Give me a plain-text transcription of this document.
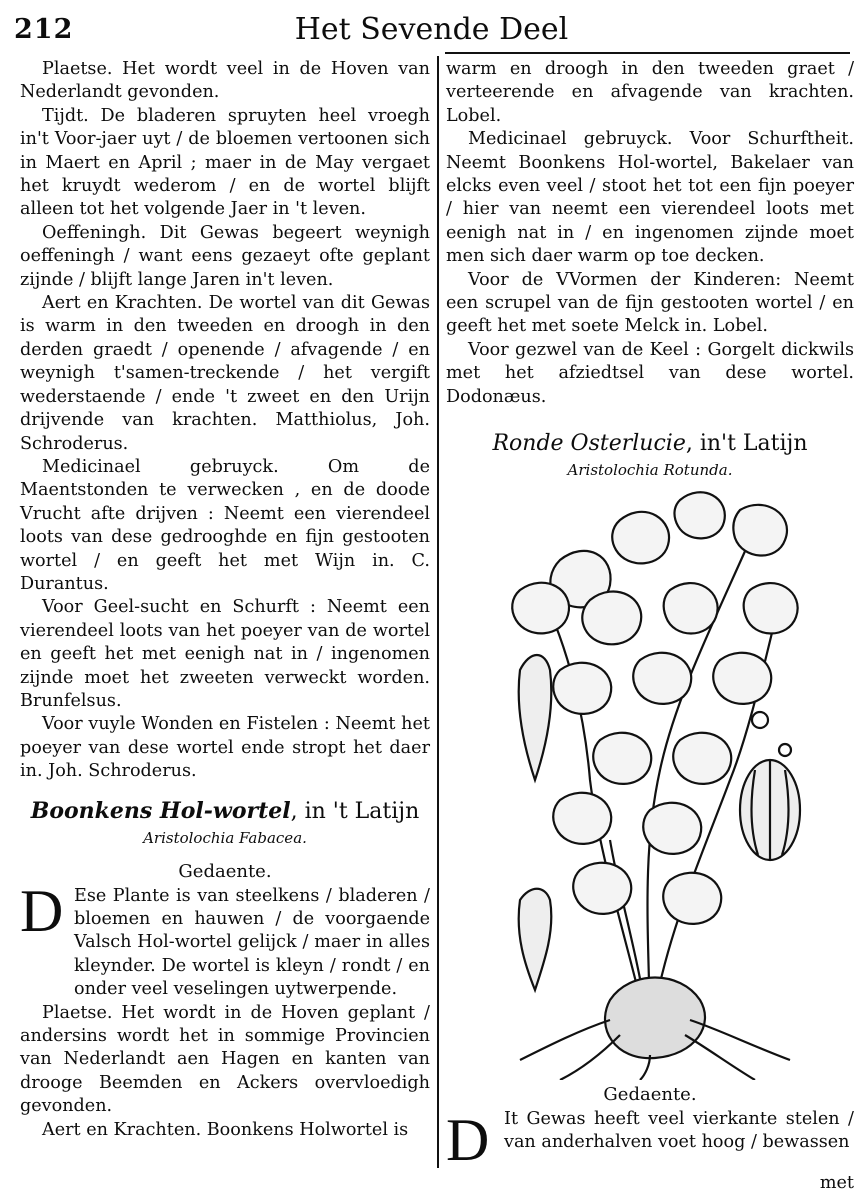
212	Het Sevende Deel

Plaetse. Het wordt veel in de Hoven van Nederlandt gevonden.

Tijdt. De bladeren spruyten heel vroegh in't Voor-jaer uyt / de bloemen vertoonen sich in Maert en April ; maer in de May vergaet het kruydt wederom / en de wortel blijft alleen tot het volgende Jaer in 't leven.

Oeffeningh. Dit Gewas begeert weynigh oeffeningh / want eens gezaeyt ofte geplant zijnde / blijft lange Jaren in't leven.

Aert en Krachten. De wortel van dit Gewas is warm in den tweeden en droogh in den derden graedt / openende / afvagende / en weynigh t'samen-treckende / het vergift wederstaende / ende 't zweet en den Urijn drijvende van krachten. Matthiolus, Joh. Schroderus.

Medicinael gebruyck. Om de Maentstonden te verwecken , en de doode Vrucht afte drijven : Neemt een vierendeel loots van dese gedrooghde en fijn gestooten wortel / en geeft het met Wijn in. C. Durantus.

Voor Geel-sucht en Schurft : Neemt een vierendeel loots van het poeyer van de wortel en geeft het met eenigh nat in / ingenomen zijnde moet het zweeten verweckt worden. Brunfelsus.

Voor vuyle Wonden en Fistelen : Neemt het poeyer van dese wortel ende stropt het daer in. Joh. Schroderus.

Boonkens Hol-wortel, in 't Latijn
Aristolochia Fabacea.
Gedaente.

D Ese Plante is van steelkens / bladeren / bloemen en hauwen / de voorgaende Valsch Hol-wortel gelijck / maer in alles kleynder. De wortel is kleyn / rondt / en onder veel veselingen uytwerpende.

Plaetse. Het wordt in de Hoven geplant / andersins wordt het in sommige Provincien van Nederlandt aen Hagen en kanten van drooge Beemden en Ackers overvloedigh gevonden.

Aert en Krachten. Boonkens Holwortel is

warm en droogh in den tweeden graet / verteerende en afvagende van krachten. Lobel.

Medicinael gebruyck. Voor Schurftheit. Neemt Boonkens Hol-wortel, Bakelaer van elcks even veel / stoot het tot een fijn poeyer / hier van neemt een vierendeel loots met eenigh nat in / en ingenomen zijnde moet men sich daer warm op toe decken.

Voor de VVormen der Kinderen: Neemt een scrupel van de fijn gestooten wortel / en geeft het met soete Melck in. Lobel.

Voor gezwel van de Keel : Gorgelt dickwils met het afziedtsel van dese wortel. Dodonæus.

Ronde Osterlucie, in't Latijn
Aristolochia Rotunda.
Gedaente.

D It Gewas heeft veel vierkante stelen / van anderhalven voet hoog / bewassen

met
